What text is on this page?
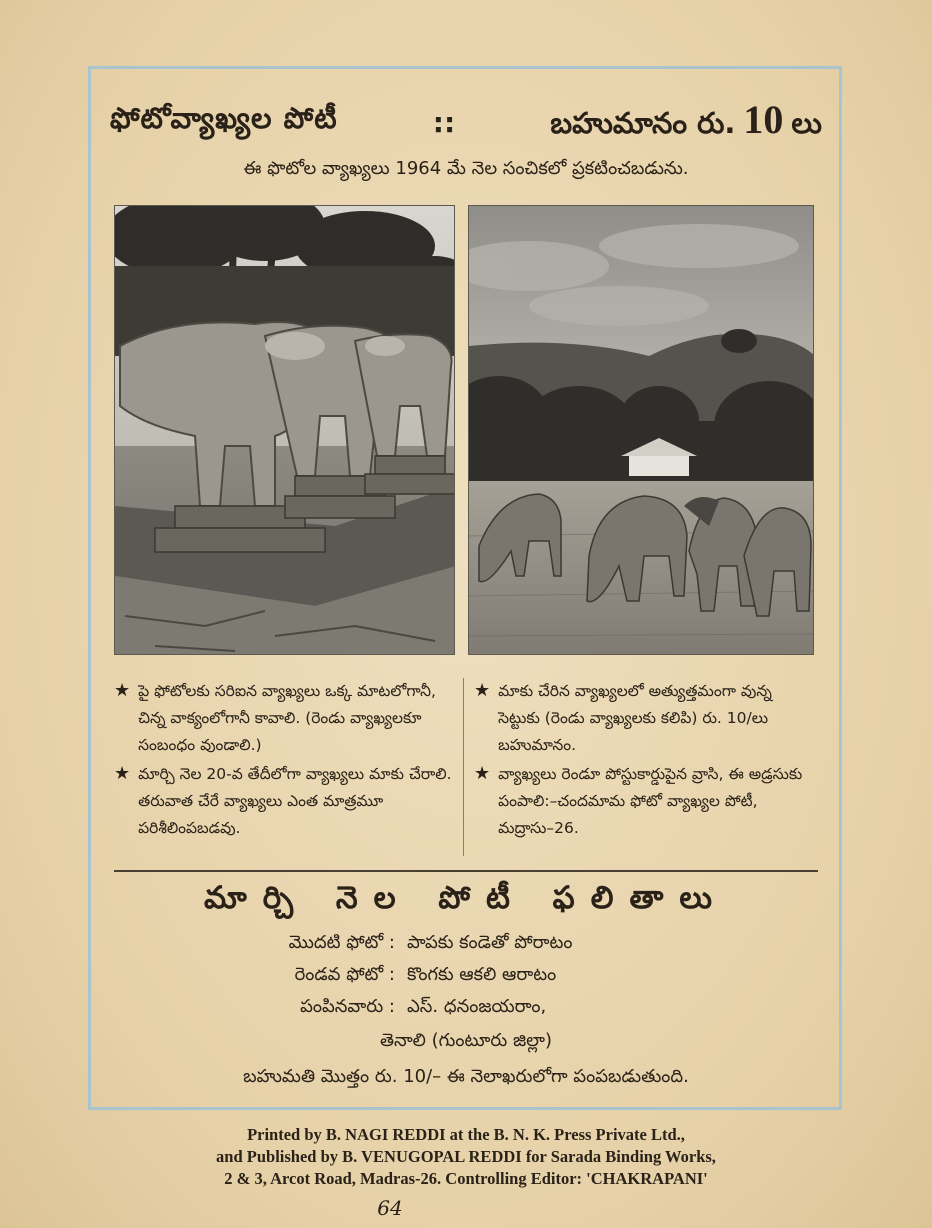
ఫోటోవ్యాఖ్యల పోటీ	::	బహుమానం రు. 10 లు
ఈ ఫొటోల వ్యాఖ్యలు 1964 మే నెల సంచికలో ప్రకటించబడును.
★ పై ఫోటోలకు సరిఐన వ్యాఖ్యలు ఒక్క మాటలోగానీ, చిన్న వాక్యంలోగానీ కావాలి. (రెండు వ్యాఖ్యలకూ సంబంధం వుండాలి.)
★ మార్చి నెల 20-వ తేదీలోగా వ్యాఖ్యలు మాకు చేరాలి. తరువాత చేరే వ్యాఖ్యలు ఎంత మాత్రమూ పరిశీలింపబడవు.
★ మాకు చేరిన వ్యాఖ్యలలో అత్యుత్తమంగా వున్న సెట్టుకు (రెండు వ్యాఖ్యలకు కలిపి) రు. 10/లు బహుమానం.
★ వ్యాఖ్యలు రెండూ పోస్టుకార్డుపైన వ్రాసి, ఈ అడ్రసుకు పంపాలి:–చందమామ ఫోటో వ్యాఖ్యల పోటీ, మద్రాసు–26.
మార్చి నెల పోటీ ఫలితాలు
మొదటి ఫోటో : పాపకు కండెతో పోరాటం
రెండవ ఫోటో : కొంగకు ఆకలి ఆరాటం
పంపినవారు : ఎస్. ధనంజయరాం,
తెనాలి (గుంటూరు జిల్లా)
బహుమతి మొత్తం రు. 10/– ఈ నెలాఖరులోగా పంపబడుతుంది.
Printed by B. NAGI REDDI at the B. N. K. Press Private Ltd.,
and Published by B. VENUGOPAL REDDI for Sarada Binding Works,
2 & 3, Arcot Road, Madras-26. Controlling Editor: 'CHAKRAPANI'
64
